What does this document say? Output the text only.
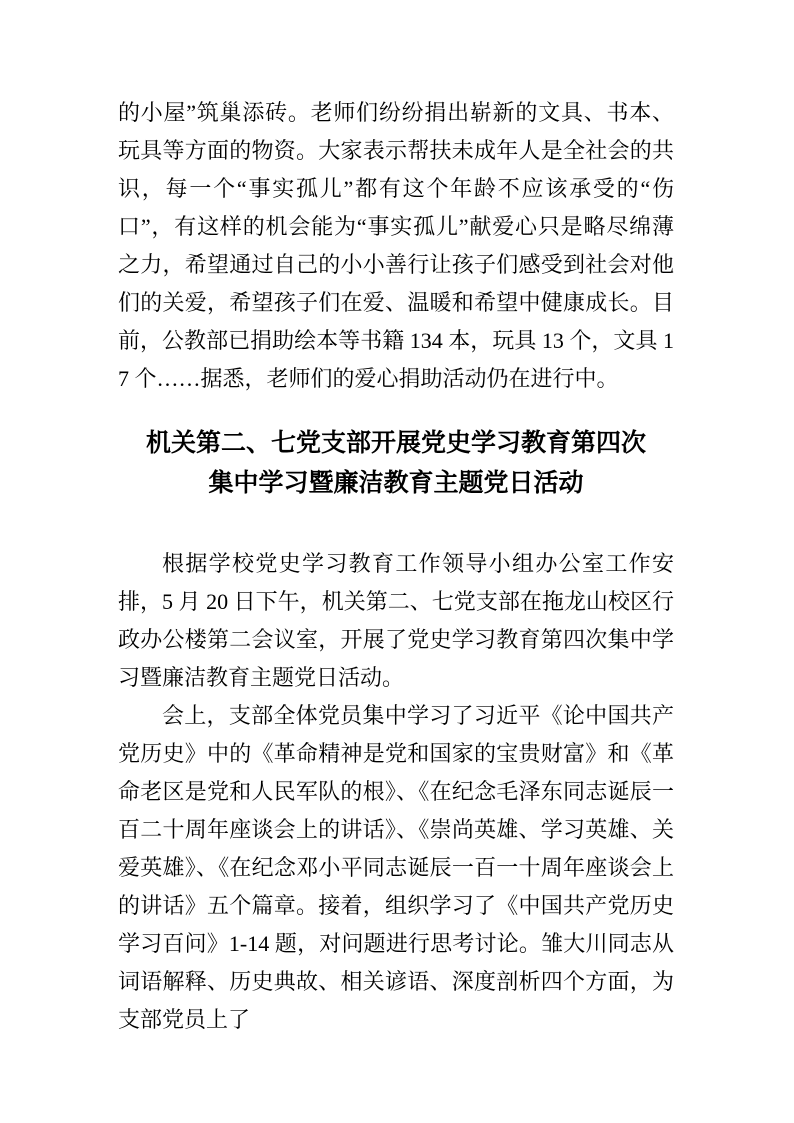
的小屋”筑巢添砖。老师们纷纷捐出崭新的文具、书本、玩具等方面的物资。大家表示帮扶未成年人是全社会的共识，每一个“事实孤儿”都有这个年龄不应该承受的“伤口”，有这样的机会能为“事实孤儿”献爱心只是略尽绵薄之力，希望通过自己的小小善行让孩子们感受到社会对他们的关爱，希望孩子们在爱、温暖和希望中健康成长。目前，公教部已捐助绘本等书籍 134 本，玩具 13 个，文具 17 个……据悉，老师们的爱心捐助活动仍在进行中。

机关第二、七党支部开展党史学习教育第四次
集中学习暨廉洁教育主题党日活动

根据学校党史学习教育工作领导小组办公室工作安排，5 月 20 日下午，机关第二、七党支部在拖龙山校区行政办公楼第二会议室，开展了党史学习教育第四次集中学习暨廉洁教育主题党日活动。

会上，支部全体党员集中学习了习近平《论中国共产党历史》中的《革命精神是党和国家的宝贵财富》和《革命老区是党和人民军队的根》、《在纪念毛泽东同志诞辰一百二十周年座谈会上的讲话》、《崇尚英雄、学习英雄、关爱英雄》、《在纪念邓小平同志诞辰一百一十周年座谈会上的讲话》五个篇章。接着，组织学习了《中国共产党历史学习百问》1-14 题，对问题进行思考讨论。雏大川同志从词语解释、历史典故、相关谚语、深度剖析四个方面，为支部党员上了
